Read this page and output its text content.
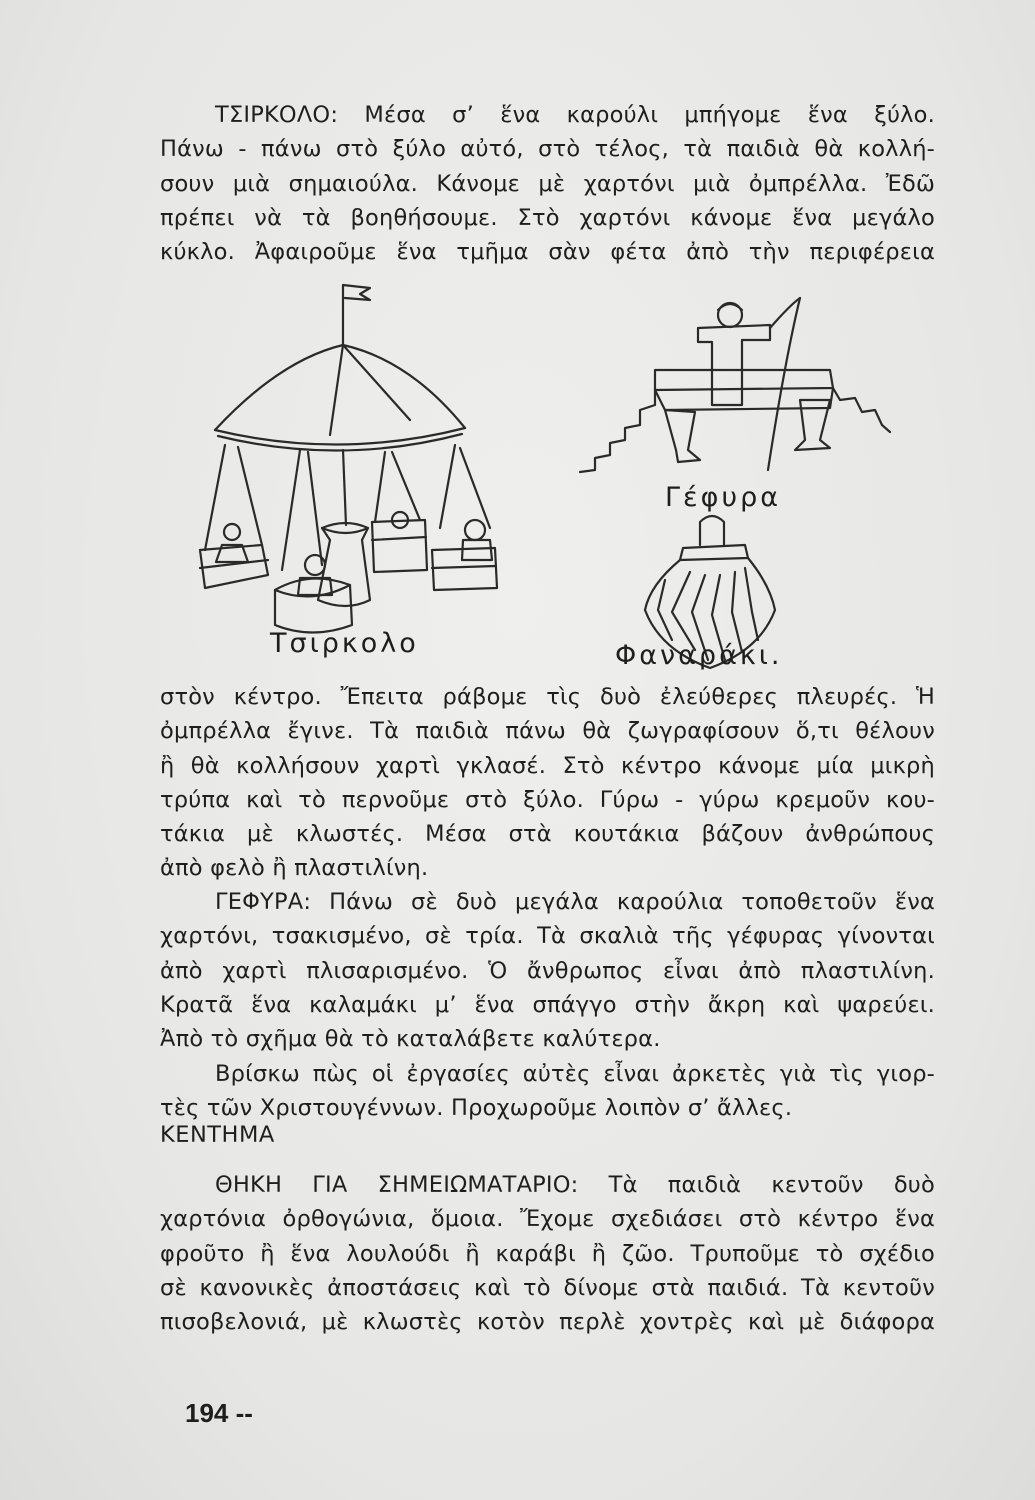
ΤΣΙΡΚΟΛΟ: Μέσα σ’ ἕνα καρούλι μπήγομε ἕνα ξύλο.
Πάνω - πάνω στὸ ξύλο αὐτό, στὸ τέλος, τὰ παιδιὰ θὰ κολλή-
σουν μιὰ σημαιούλα. Κάνομε μὲ χαρτόνι μιὰ ὀμπρέλλα. Ἐδῶ
πρέπει νὰ τὰ βοηθήσουμε. Στὸ χαρτόνι κάνομε ἕνα μεγάλο
κύκλο. Ἀφαιροῦμε ἕνα τμῆμα σὰν φέτα ἀπὸ τὴν περιφέρεια
Τσιρκολο
Γέφυρα
Φαναράκι.
στὸν κέντρο. Ἔπειτα ράβομε τὶς δυὸ ἐλεύθερες πλευρές. Ἡ
ὀμπρέλλα ἔγινε. Τὰ παιδιὰ πάνω θὰ ζωγραφίσουν ὅ,τι θέλουν
ἢ θὰ κολλήσουν χαρτὶ γκλασέ. Στὸ κέντρο κάνομε μία μικρὴ
τρύπα καὶ τὸ περνοῦμε στὸ ξύλο. Γύρω - γύρω κρεμοῦν κου-
τάκια μὲ κλωστές. Μέσα στὰ κουτάκια βάζουν ἀνθρώπους
ἀπὸ φελὸ ἢ πλαστιλίνη.
ΓΕΦΥΡΑ: Πάνω σὲ δυὸ μεγάλα καρούλια τοποθετοῦν ἕνα
χαρτόνι, τσακισμένο, σὲ τρία. Τὰ σκαλιὰ τῆς γέφυρας γίνονται
ἀπὸ χαρτὶ πλισαρισμένο. Ὁ ἄνθρωπος εἶναι ἀπὸ πλαστιλίνη.
Κρατᾶ ἕνα καλαμάκι μ’ ἕνα σπάγγο στὴν ἄκρη καὶ ψαρεύει.
Ἀπὸ τὸ σχῆμα θὰ τὸ καταλάβετε καλύτερα.
Βρίσκω πὼς οἱ ἐργασίες αὐτὲς εἶναι ἀρκετὲς γιὰ τὶς γιορ-
τὲς τῶν Χριστουγέννων. Προχωροῦμε λοιπὸν σ’ ἄλλες.
ΚΕΝΤΗΜΑ
ΘΗΚΗ ΓΙΑ ΣΗΜΕΙΩΜΑΤΑΡΙΟ: Τὰ παιδιὰ κεντοῦν δυὸ
χαρτόνια ὀρθογώνια, ὅμοια. Ἔχομε σχεδιάσει στὸ κέντρο ἕνα
φροῦτο ἢ ἕνα λουλούδι ἢ καράβι ἢ ζῶο. Τρυποῦμε τὸ σχέδιο
σὲ κανονικὲς ἀποστάσεις καὶ τὸ δίνομε στὰ παιδιά. Τὰ κεντοῦν
πισοβελονιά, μὲ κλωστὲς κοτὸν περλὲ χοντρὲς καὶ μὲ διάφορα
194 --
